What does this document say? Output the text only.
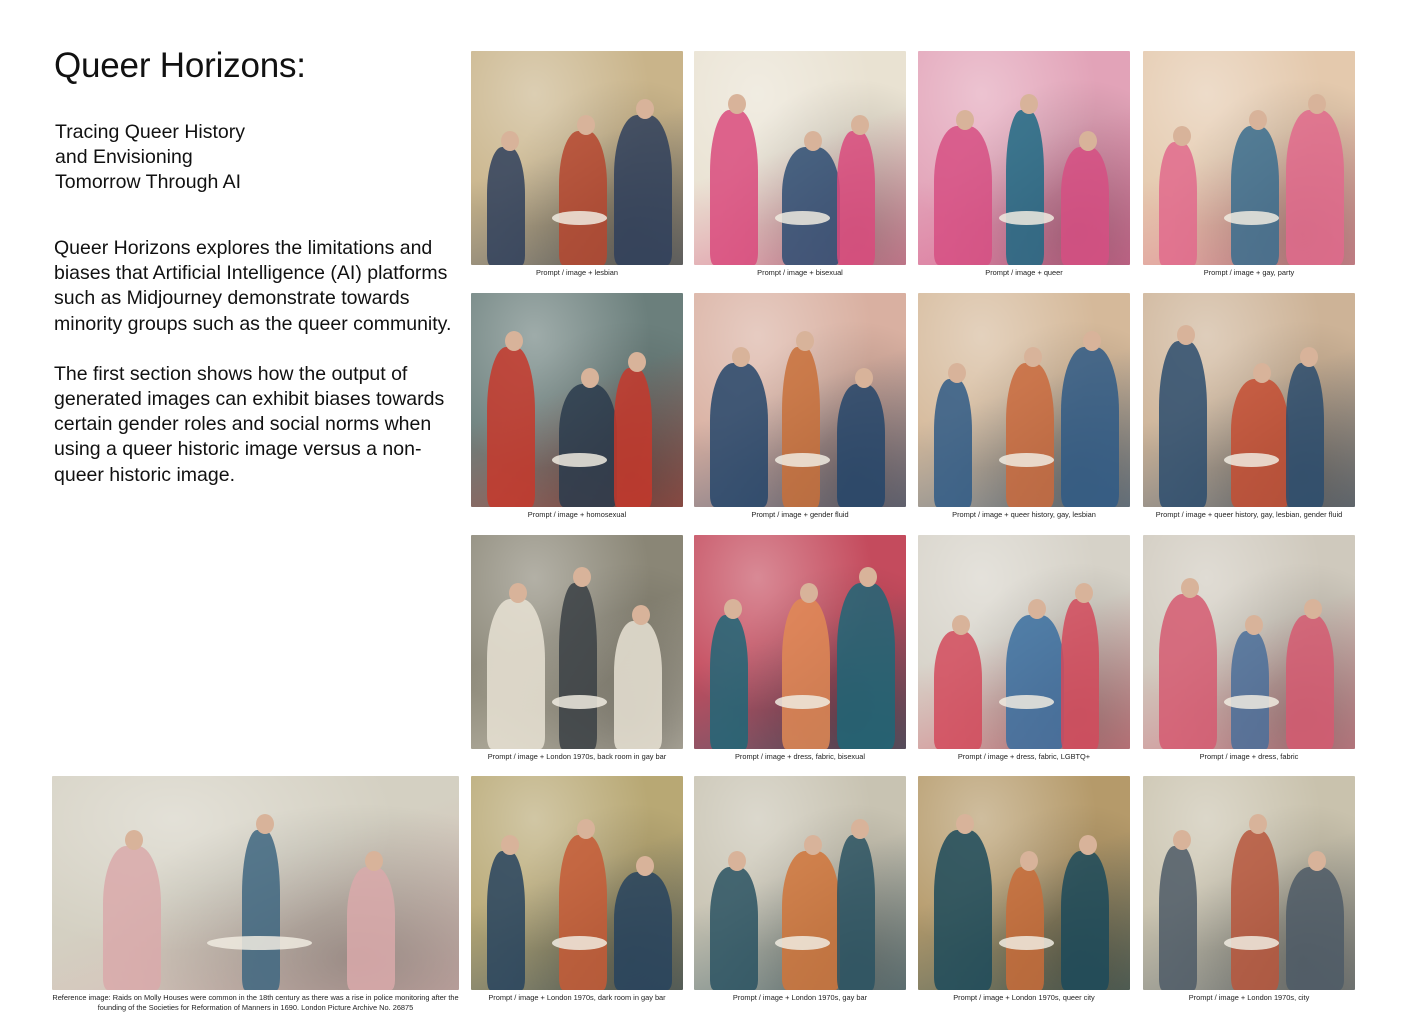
Queer Horizons:
Tracing Queer History
and Envisioning
Tomorrow Through AI

Queer Horizons explores the limitations and biases that Artificial Intelligence (AI) platforms such as Midjourney demonstrate towards minority groups such as the queer community.

The first section shows how the output of generated images can exhibit biases towards certain gender roles and social norms when using a queer historic image versus a non-queer historic image.

Prompt / image + lesbian	Prompt / image + bisexual	Prompt / image + queer	Prompt / image + gay, party
Prompt / image + homosexual	Prompt / image + gender fluid	Prompt / image + queer history, gay, lesbian	Prompt / image + queer history, gay, lesbian, gender fluid
Prompt / image + London 1970s, back room in gay bar	Prompt / image + dress, fabric, bisexual	Prompt / image + dress, fabric, LGBTQ+	Prompt / image + dress, fabric
Prompt / image + London 1970s, dark room in gay bar	Prompt / image + London 1970s, gay bar	Prompt / image + London 1970s, queer city	Prompt / image + London 1970s, city
Reference image: Raids on Molly Houses were common in the 18th century as there was a rise in police monitoring after the founding of the Societies for Reformation of Manners in 1690. London Picture Archive No. 26875
